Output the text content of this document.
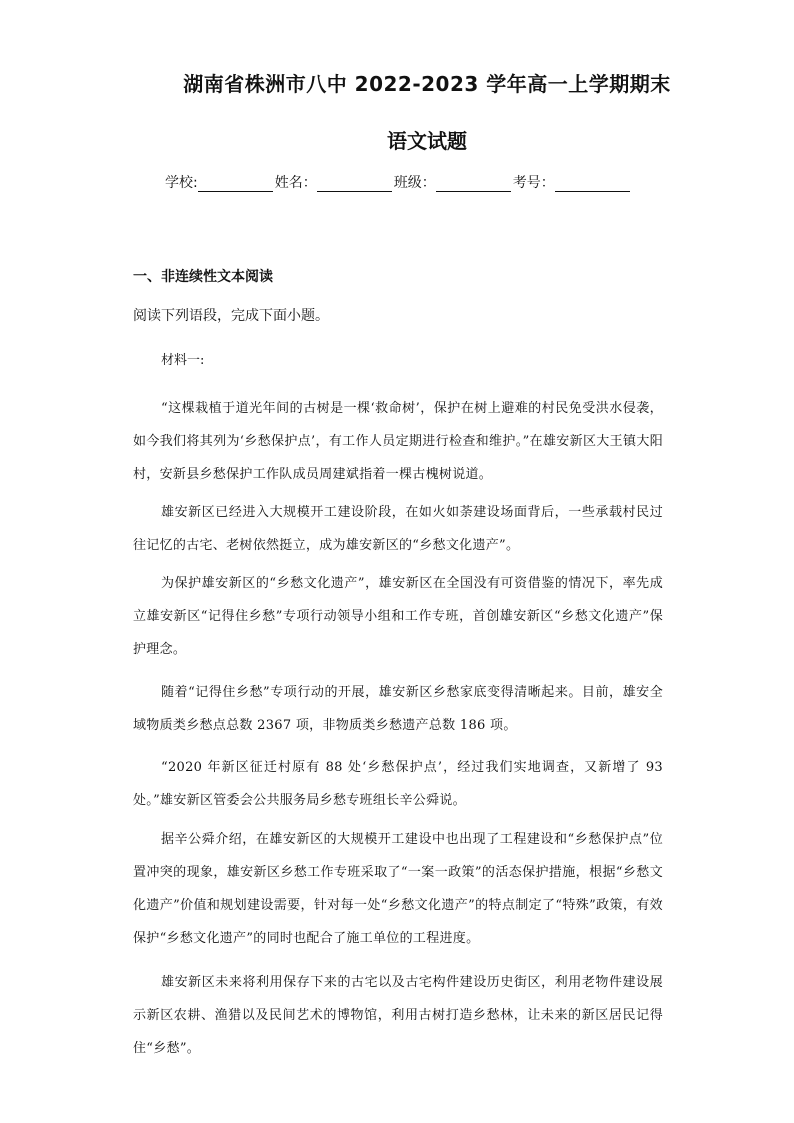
湖南省株洲市八中 2022-2023 学年高一上学期期末
语文试题
学校:	姓名：	班级：	考号：
一、非连续性文本阅读
阅读下列语段，完成下面小题。
材料一:

“这棵栽植于道光年间的古树是一棵‘救命树’，保护在树上避难的村民免受洪水侵袭，如今我们将其列为‘乡愁保护点’，有工作人员定期进行检查和维护。”在雄安新区大王镇大阳村，安新县乡愁保护工作队成员周建斌指着一棵古槐树说道。

雄安新区已经进入大规模开工建设阶段，在如火如荼建设场面背后，一些承载村民过往记忆的古宅、老树依然挺立，成为雄安新区的“乡愁文化遗产”。

为保护雄安新区的“乡愁文化遗产”，雄安新区在全国没有可资借鉴的情况下，率先成立雄安新区“记得住乡愁”专项行动领导小组和工作专班，首创雄安新区“乡愁文化遗产”保护理念。

随着“记得住乡愁”专项行动的开展，雄安新区乡愁家底变得清晰起来。目前，雄安全域物质类乡愁点总数 2367 项，非物质类乡愁遗产总数 186 项。

“2020 年新区征迁村原有 88 处‘乡愁保护点’，经过我们实地调查，又新增了 93 处。”雄安新区管委会公共服务局乡愁专班组长辛公舜说。

据辛公舜介绍，在雄安新区的大规模开工建设中也出现了工程建设和“乡愁保护点”位置冲突的现象，雄安新区乡愁工作专班采取了“一案一政策”的活态保护措施，根据“乡愁文化遗产”价值和规划建设需要，针对每一处“乡愁文化遗产”的特点制定了“特殊”政策，有效保护“乡愁文化遗产”的同时也配合了施工单位的工程进度。

雄安新区未来将利用保存下来的古宅以及古宅构件建设历史街区，利用老物件建设展示新区农耕、渔猎以及民间艺术的博物馆，利用古树打造乡愁林，让未来的新区居民记得住“乡愁”。
